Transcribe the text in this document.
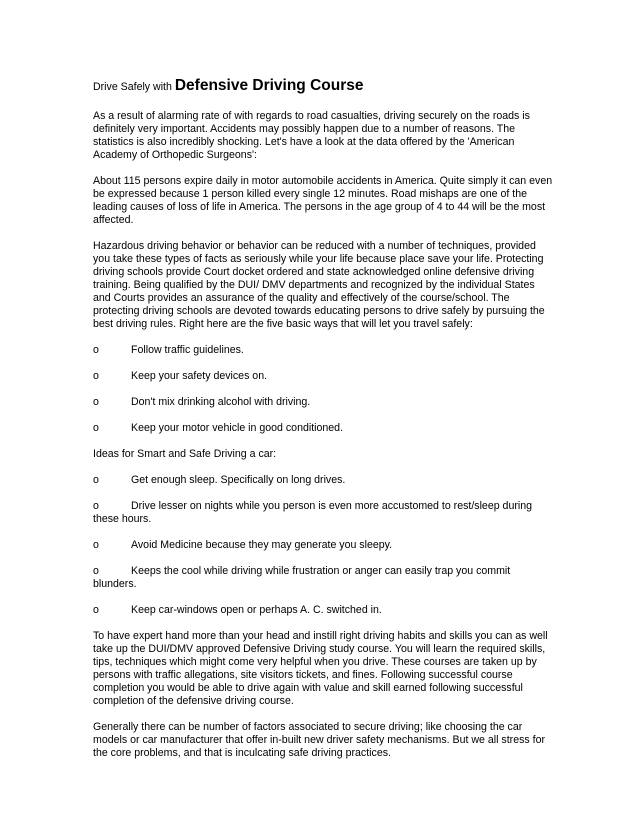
Drive Safely with Defensive Driving Course

As a result of alarming rate of with regards to road casualties, driving securely on the roads is definitely very important. Accidents may possibly happen due to a number of reasons. The statistics is also incredibly shocking. Let's have a look at the data offered by the 'American Academy of Orthopedic Surgeons':

About 115 persons expire daily in motor automobile accidents in America. Quite simply it can even be expressed because 1 person killed every single 12 minutes. Road mishaps are one of the leading causes of loss of life in America. The persons in the age group of 4 to 44 will be the most affected.

Hazardous driving behavior or behavior can be reduced with a number of techniques, provided you take these types of facts as seriously while your life because place save your life. Protecting driving schools provide Court docket ordered and state acknowledged online defensive driving training. Being qualified by the DUI/ DMV departments and recognized by the individual States and Courts provides an assurance of the quality and effectively of the course/school. The protecting driving schools are devoted towards educating persons to drive safely by pursuing the best driving rules. Right here are the five basic ways that will let you travel safely:

o	Follow traffic guidelines.
o	Keep your safety devices on.
o	Don't mix drinking alcohol with driving.
o	Keep your motor vehicle in good conditioned.

Ideas for Smart and Safe Driving a car:

o	Get enough sleep. Specifically on long drives.
o	Drive lesser on nights while you person is even more accustomed to rest/sleep during these hours.
o	Avoid Medicine because they may generate you sleepy.
o	Keeps the cool while driving while frustration or anger can easily trap you commit blunders.
o	Keep car-windows open or perhaps A. C. switched in.

To have expert hand more than your head and instill right driving habits and skills you can as well take up the DUI/DMV approved Defensive Driving study course. You will learn the required skills, tips, techniques which might come very helpful when you drive. These courses are taken up by persons with traffic allegations, site visitors tickets, and fines. Following successful course completion you would be able to drive again with value and skill earned following successful completion of the defensive driving course.

Generally there can be number of factors associated to secure driving; like choosing the car models or car manufacturer that offer in-built new driver safety mechanisms. But we all stress for the core problems, and that is inculcating safe driving practices.
